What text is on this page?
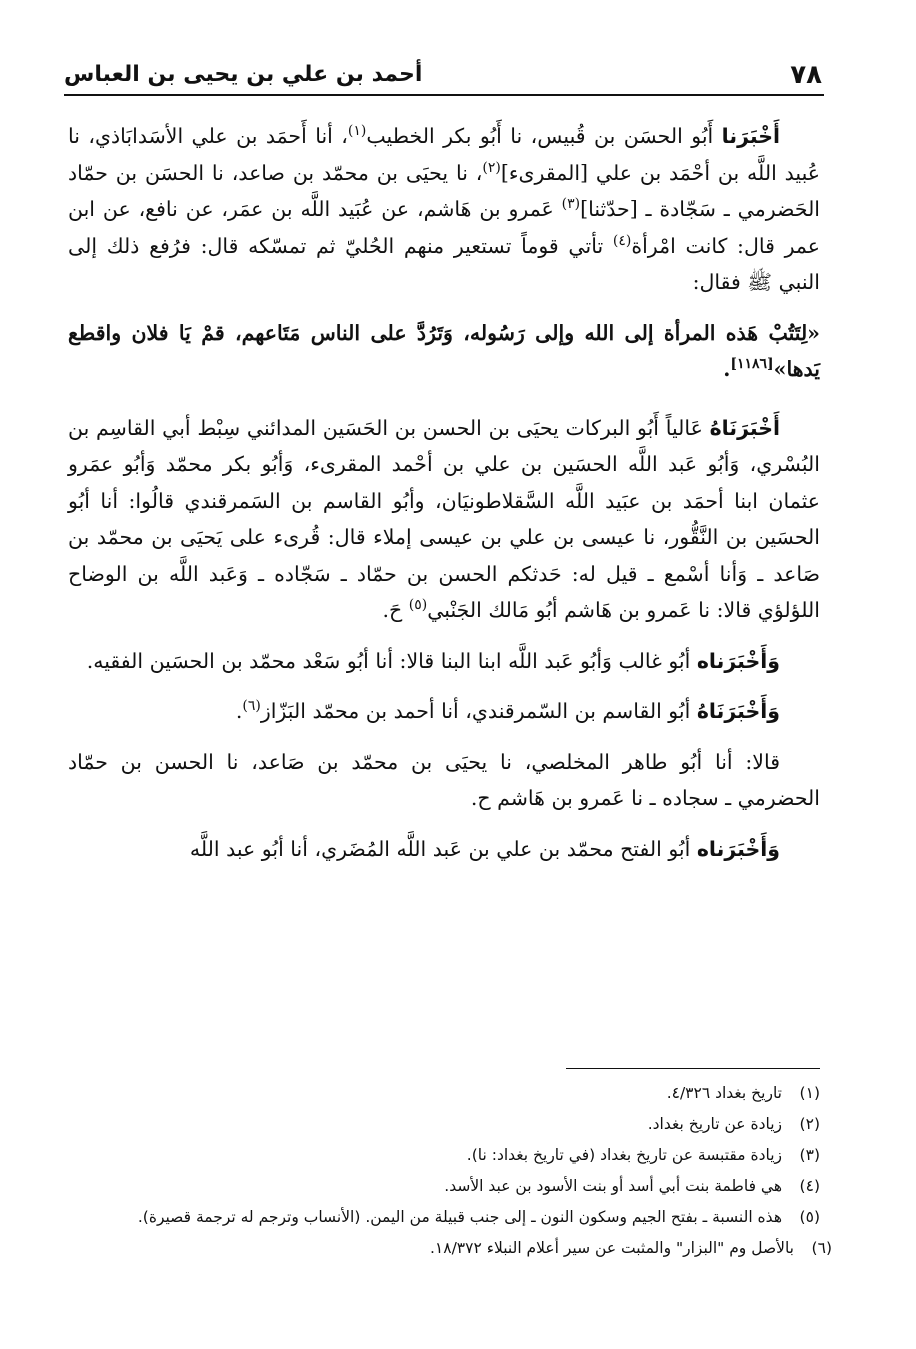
٧٨
أحمد بن علي بن يحيى بن العباس

أَخْبَرَنا أَبُو الحسَن بن قُبيس، نا أَبُو بكر الخطيب$^{(١)}$، أنا أَحمَد بن علي الأسَدابَاذي، نا عُبيد اللَّه بن أحْمَد بن علي [المقرىء]$^{(٢)}$، نا يحيَى بن محمّد بن صاعد، نا الحسَن بن حمّاد الحَضرمي ـ سَجّادة ـ [حدّثنا]$^{(٣)}$ عَمرو بن هَاشم، عن عُبَيد اللَّه بن عمَر، عن نافع، عن ابن عمر قال: كانت امْرأة$^{(٤)}$ تأتي قوماً تستعير منهم الحُليّ ثم تمسّكه قال: فرُفع ذلك إلى النبي ﷺ فقال:

«لِتَتُبْ هَذه المرأة إلى الله وإلى رَسُوله، وَتَرُدَّ على الناس مَتَاعهم، قمْ يَا فلان واقطع يَدها»[١١٨٦].

أَخْبَرَنَاهُ عَالياً أَبُو البركات يحيَى بن الحسن بن الحَسَين المدائني سِبْط أبي القاسِم بن البُسْري، وَأبُو عَبد اللَّه الحسَين بن علي بن أحْمد المقرىء، وَأبُو بكر محمّد وَأبُو عمَرو عثمان ابنا أحمَد بن عبَيد اللَّه السَّقلاطونيَان، وأبُو القاسم بن السَمرقندي قالُوا: أنا أبُو الحسَين بن النَّقُّور، نا عيسى بن علي بن عيسى إملاء قال: قُرىء على يَحيَى بن محمّد بن صَاعد ـ وَأنا أسْمع ـ قيل له: حَدثكم الحسن بن حمّاد ـ سَجّاده ـ وَعَبد اللَّه بن الوضاح اللؤلؤي قالا: نا عَمرو بن هَاشم أبُو مَالك الجَنْبي$^{(٥)}$ حَ.

وَأَخْبَرَناه أبُو غالب وَأبُو عَبد اللَّه ابنا البنا قالا: أنا أبُو سَعْد محمّد بن الحسَين الفقيه.

وَأَخْبَرَنَاهُ أبُو القاسم بن السّمرقندي، أنا أحمد بن محمّد البَزّاز$^{(٦)}$.

قالا: أنا أبُو طاهر المخلصي، نا يحيَى بن محمّد بن صَاعد، نا الحسن بن حمّاد الحضرمي ـ سجاده ـ نا عَمرو بن هَاشم ح.

وَأَخْبَرَناه أبُو الفتح محمّد بن علي بن عَبد اللَّه المُضَري، أنا أبُو عبد اللَّه

(١)
تاريخ بغداد ٤/٣٢٦.
(٢)
زيادة عن تاريخ بغداد.
(٣)
زيادة مقتبسة عن تاريخ بغداد (في تاريخ بغداد: نا).
(٤)
هي فاطمة بنت أبي أسد أو بنت الأسود بن عبد الأسد.
(٥)
هذه النسبة ـ بفتح الجيم وسكون النون ـ إلى جنب قبيلة من اليمن. (الأنساب وترجم له ترجمة قصيرة).
(٦)
بالأصل وم "البزار" والمثبت عن سير أعلام النبلاء ١٨/٣٧٢.
